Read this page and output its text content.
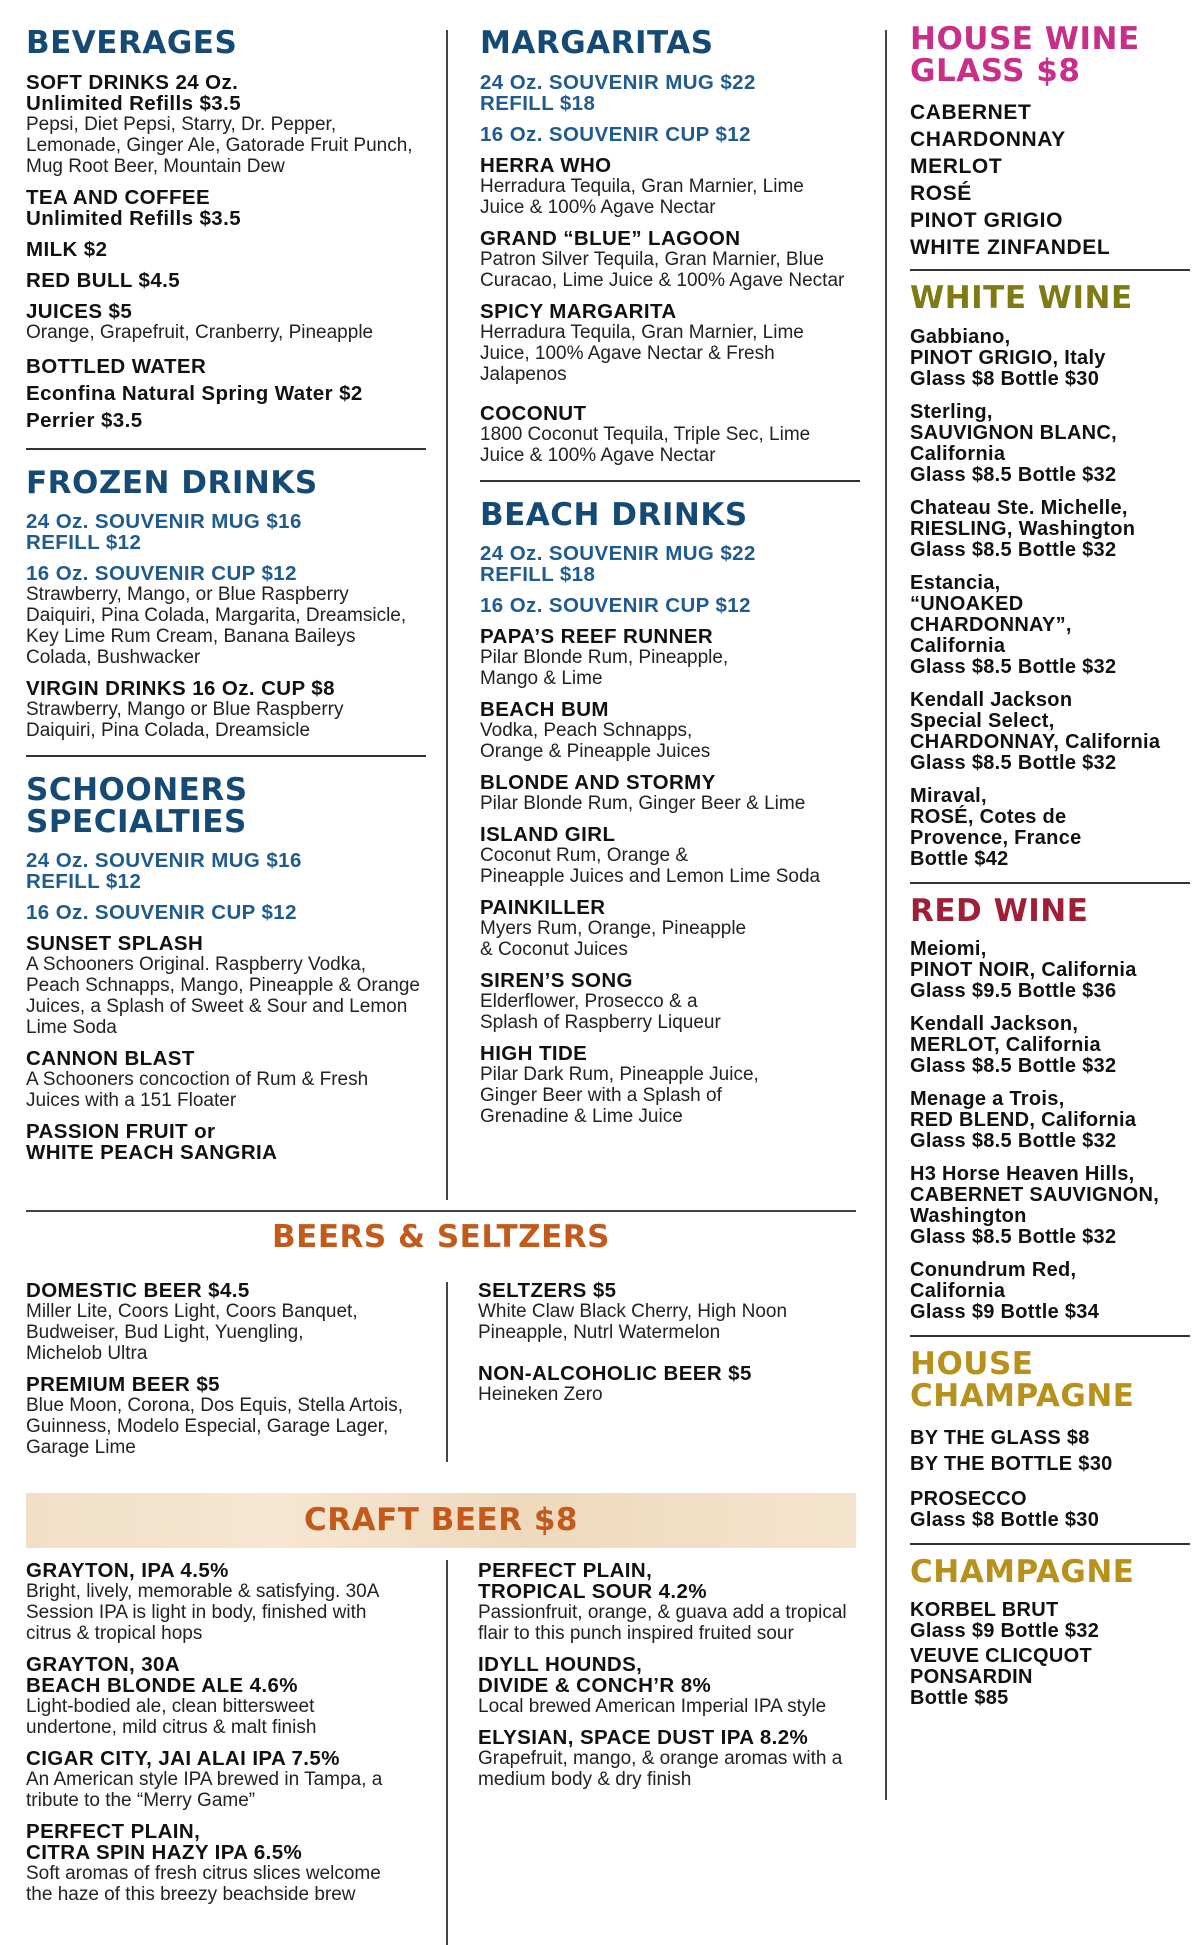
BEVERAGES
SOFT DRINKS 24 Oz.
Unlimited Refills $3.5
Pepsi, Diet Pepsi, Starry, Dr. Pepper,
Lemonade, Ginger Ale, Gatorade Fruit Punch,
Mug Root Beer, Mountain Dew
TEA AND COFFEE
Unlimited Refills $3.5
MILK $2
RED BULL $4.5
JUICES $5
Orange, Grapefruit, Cranberry, Pineapple
BOTTLED WATER
Econfina Natural Spring Water $2
Perrier $3.5
FROZEN DRINKS
24 Oz. SOUVENIR MUG $16
REFILL $12
16 Oz. SOUVENIR CUP $12
Strawberry, Mango, or Blue Raspberry
Daiquiri, Pina Colada, Margarita, Dreamsicle,
Key Lime Rum Cream, Banana Baileys
Colada, Bushwacker
VIRGIN DRINKS 16 Oz. CUP $8
Strawberry, Mango or Blue Raspberry
Daiquiri, Pina Colada, Dreamsicle
SCHOONERS SPECIALTIES
24 Oz. SOUVENIR MUG $16
REFILL $12
16 Oz. SOUVENIR CUP $12
SUNSET SPLASH
A Schooners Original. Raspberry Vodka,
Peach Schnapps, Mango, Pineapple & Orange
Juices, a Splash of Sweet & Sour and Lemon
Lime Soda
CANNON BLAST
A Schooners concoction of Rum & Fresh
Juices with a 151 Floater
PASSION FRUIT or
WHITE PEACH SANGRIA
MARGARITAS
24 Oz. SOUVENIR MUG $22
REFILL $18
16 Oz. SOUVENIR CUP $12
HERRA WHO
Herradura Tequila, Gran Marnier, Lime
Juice & 100% Agave Nectar
GRAND “BLUE” LAGOON
Patron Silver Tequila, Gran Marnier, Blue
Curacao, Lime Juice & 100% Agave Nectar
SPICY MARGARITA
Herradura Tequila, Gran Marnier, Lime
Juice, 100% Agave Nectar & Fresh Jalapenos
COCONUT
1800 Coconut Tequila, Triple Sec, Lime
Juice & 100% Agave Nectar
BEACH DRINKS
24 Oz. SOUVENIR MUG $22
REFILL $18
16 Oz. SOUVENIR CUP $12
PAPA’S REEF RUNNER
Pilar Blonde Rum, Pineapple,
Mango & Lime
BEACH BUM
Vodka, Peach Schnapps,
Orange & Pineapple Juices
BLONDE AND STORMY
Pilar Blonde Rum, Ginger Beer & Lime
ISLAND GIRL
Coconut Rum, Orange &
Pineapple Juices and Lemon Lime Soda
PAINKILLER
Myers Rum, Orange, Pineapple
& Coconut Juices
SIREN’S SONG
Elderflower, Prosecco & a
Splash of Raspberry Liqueur
HIGH TIDE
Pilar Dark Rum, Pineapple Juice,
Ginger Beer with a Splash of
Grenadine & Lime Juice
BEERS & SELTZERS
DOMESTIC BEER $4.5
Miller Lite, Coors Light, Coors Banquet,
Budweiser, Bud Light, Yuengling,
Michelob Ultra
PREMIUM BEER $5
Blue Moon, Corona, Dos Equis, Stella Artois,
Guinness, Modelo Especial, Garage Lager,
Garage Lime
SELTZERS $5
White Claw Black Cherry, High Noon
Pineapple, Nutrl Watermelon
NON-ALCOHOLIC BEER $5
Heineken Zero
CRAFT BEER $8
GRAYTON, IPA 4.5%
Bright, lively, memorable & satisfying. 30A
Session IPA is light in body, finished with
citrus & tropical hops
GRAYTON, 30A
BEACH BLONDE ALE 4.6%
Light-bodied ale, clean bittersweet
undertone, mild citrus & malt finish
CIGAR CITY, JAI ALAI IPA 7.5%
An American style IPA brewed in Tampa, a
tribute to the “Merry Game”
PERFECT PLAIN,
CITRA SPIN HAZY IPA 6.5%
Soft aromas of fresh citrus slices welcome
the haze of this breezy beachside brew
PERFECT PLAIN,
TROPICAL SOUR 4.2%
Passionfruit, orange, & guava add a tropical
flair to this punch inspired fruited sour
IDYLL HOUNDS,
DIVIDE & CONCH’R 8%
Local brewed American Imperial IPA style
ELYSIAN, SPACE DUST IPA 8.2%
Grapefruit, mango, & orange aromas with a
medium body & dry finish
HOUSE WINE
GLASS $8
CABERNET
CHARDONNAY
MERLOT
ROSÉ
PINOT GRIGIO
WHITE ZINFANDEL
WHITE WINE
Gabbiano,
PINOT GRIGIO, Italy
Glass $8 Bottle $30
Sterling,
SAUVIGNON BLANC,
California
Glass $8.5 Bottle $32
Chateau Ste. Michelle,
RIESLING, Washington
Glass $8.5 Bottle $32
Estancia,
“UNOAKED CHARDONNAY”,
California
Glass $8.5 Bottle $32
Kendall Jackson
Special Select,
CHARDONNAY, California
Glass $8.5 Bottle $32
Miraval,
ROSÉ, Cotes de
Provence, France
Bottle $42
RED WINE
Meiomi,
PINOT NOIR, California
Glass $9.5 Bottle $36
Kendall Jackson,
MERLOT, California
Glass $8.5 Bottle $32
Menage a Trois,
RED BLEND, California
Glass $8.5 Bottle $32
H3 Horse Heaven Hills,
CABERNET SAUVIGNON,
Washington
Glass $8.5 Bottle $32
Conundrum Red,
California
Glass $9 Bottle $34
HOUSE
CHAMPAGNE
BY THE GLASS $8
BY THE BOTTLE $30
PROSECCO
Glass $8 Bottle $30
CHAMPAGNE
KORBEL BRUT
Glass $9 Bottle $32
VEUVE CLICQUOT
PONSARDIN
Bottle $85
